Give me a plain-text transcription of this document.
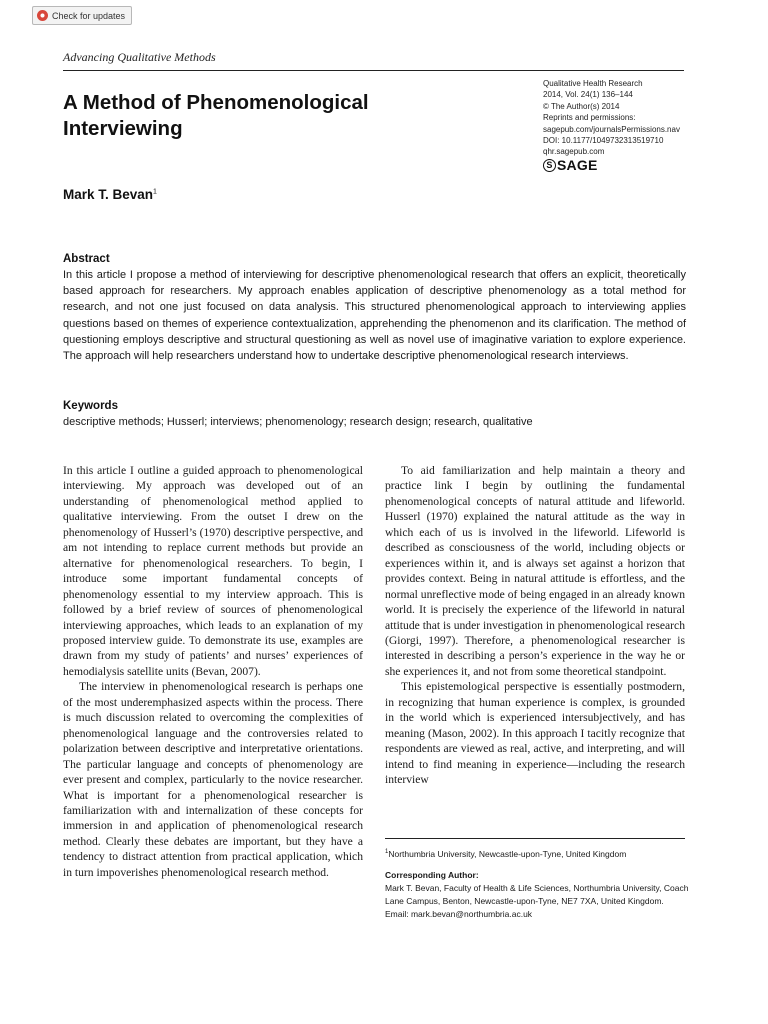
Check for updates
Advancing Qualitative Methods
A Method of Phenomenological Interviewing
Qualitative Health Research
2014, Vol. 24(1) 136–144
© The Author(s) 2014
Reprints and permissions:
sagepub.com/journalsPermissions.nav
DOI: 10.1177/1049732313519710
qhr.sagepub.com
S SAGE
Mark T. Bevan$^1$
Abstract
In this article I propose a method of interviewing for descriptive phenomenological research that offers an explicit, theoretically based approach for researchers. My approach enables application of descriptive phenomenology as a total method for research, and not one just focused on data analysis. This structured phenomenological approach to interviewing applies questions based on themes of experience contextualization, apprehending the phenomenon and its clarification. The method of questioning employs descriptive and structural questioning as well as novel use of imaginative variation to explore experience. The approach will help researchers understand how to undertake descriptive phenomenological research interviews.
Keywords
descriptive methods; Husserl; interviews; phenomenology; research design; research, qualitative

In this article I outline a guided approach to phenomenological interviewing. My approach was developed out of an understanding of phenomenological method applied to qualitative interviewing. From the outset I drew on the phenomenology of Husserl’s (1970) descriptive perspective, and am not intending to replace current methods but provide an alternative for phenomenological researchers. To begin, I introduce some important fundamental concepts of phenomenology essential to my interview approach. This is followed by a brief review of sources of phenomenological interviewing approaches, which leads to an explanation of my proposed interview guide. To demonstrate its use, examples are drawn from my study of patients’ and nurses’ experiences of hemodialysis satellite units (Bevan, 2007).

The interview in phenomenological research is perhaps one of the most underemphasized aspects within the process. There is much discussion related to overcoming the complexities of phenomenological language and the controversies related to polarization between descriptive and interpretative orientations. The particular language and concepts of phenomenology are ever present and complex, particularly to the novice researcher. What is important for a phenomenological researcher is familiarization with and internalization of these concepts for immersion in and application of phenomenological research method. Clearly these debates are important, but they have a tendency to distract attention from practical application, which in turn impoverishes phenomenological research method.

To aid familiarization and help maintain a theory and practice link I begin by outlining the fundamental phenomenological concepts of natural attitude and lifeworld. Husserl (1970) explained the natural attitude as the way in which each of us is involved in the lifeworld. Lifeworld is described as consciousness of the world, including objects or experiences within it, and is always set against a horizon that provides context. Being in natural attitude is effortless, and the normal unreflective mode of being engaged in an already known world. It is precisely the experience of the lifeworld in natural attitude that is under investigation in phenomenological research (Giorgi, 1997). Therefore, a phenomenological researcher is interested in describing a person’s experience in the way he or she experiences it, and not from some theoretical standpoint.

This epistemological perspective is essentially postmodern, in recognizing that human experience is complex, is grounded in the world which is experienced intersubjectively, and has meaning (Mason, 2002). In this approach I tacitly recognize that respondents are viewed as real, active, and interpreting, and will intend to find meaning in experience—including the research interview

$^1$Northumbria University, Newcastle-upon-Tyne, United Kingdom
Corresponding Author:
Mark T. Bevan, Faculty of Health & Life Sciences, Northumbria University, Coach Lane Campus, Benton, Newcastle-upon-Tyne, NE7 7XA, United Kingdom.
Email: mark.bevan@northumbria.ac.uk
